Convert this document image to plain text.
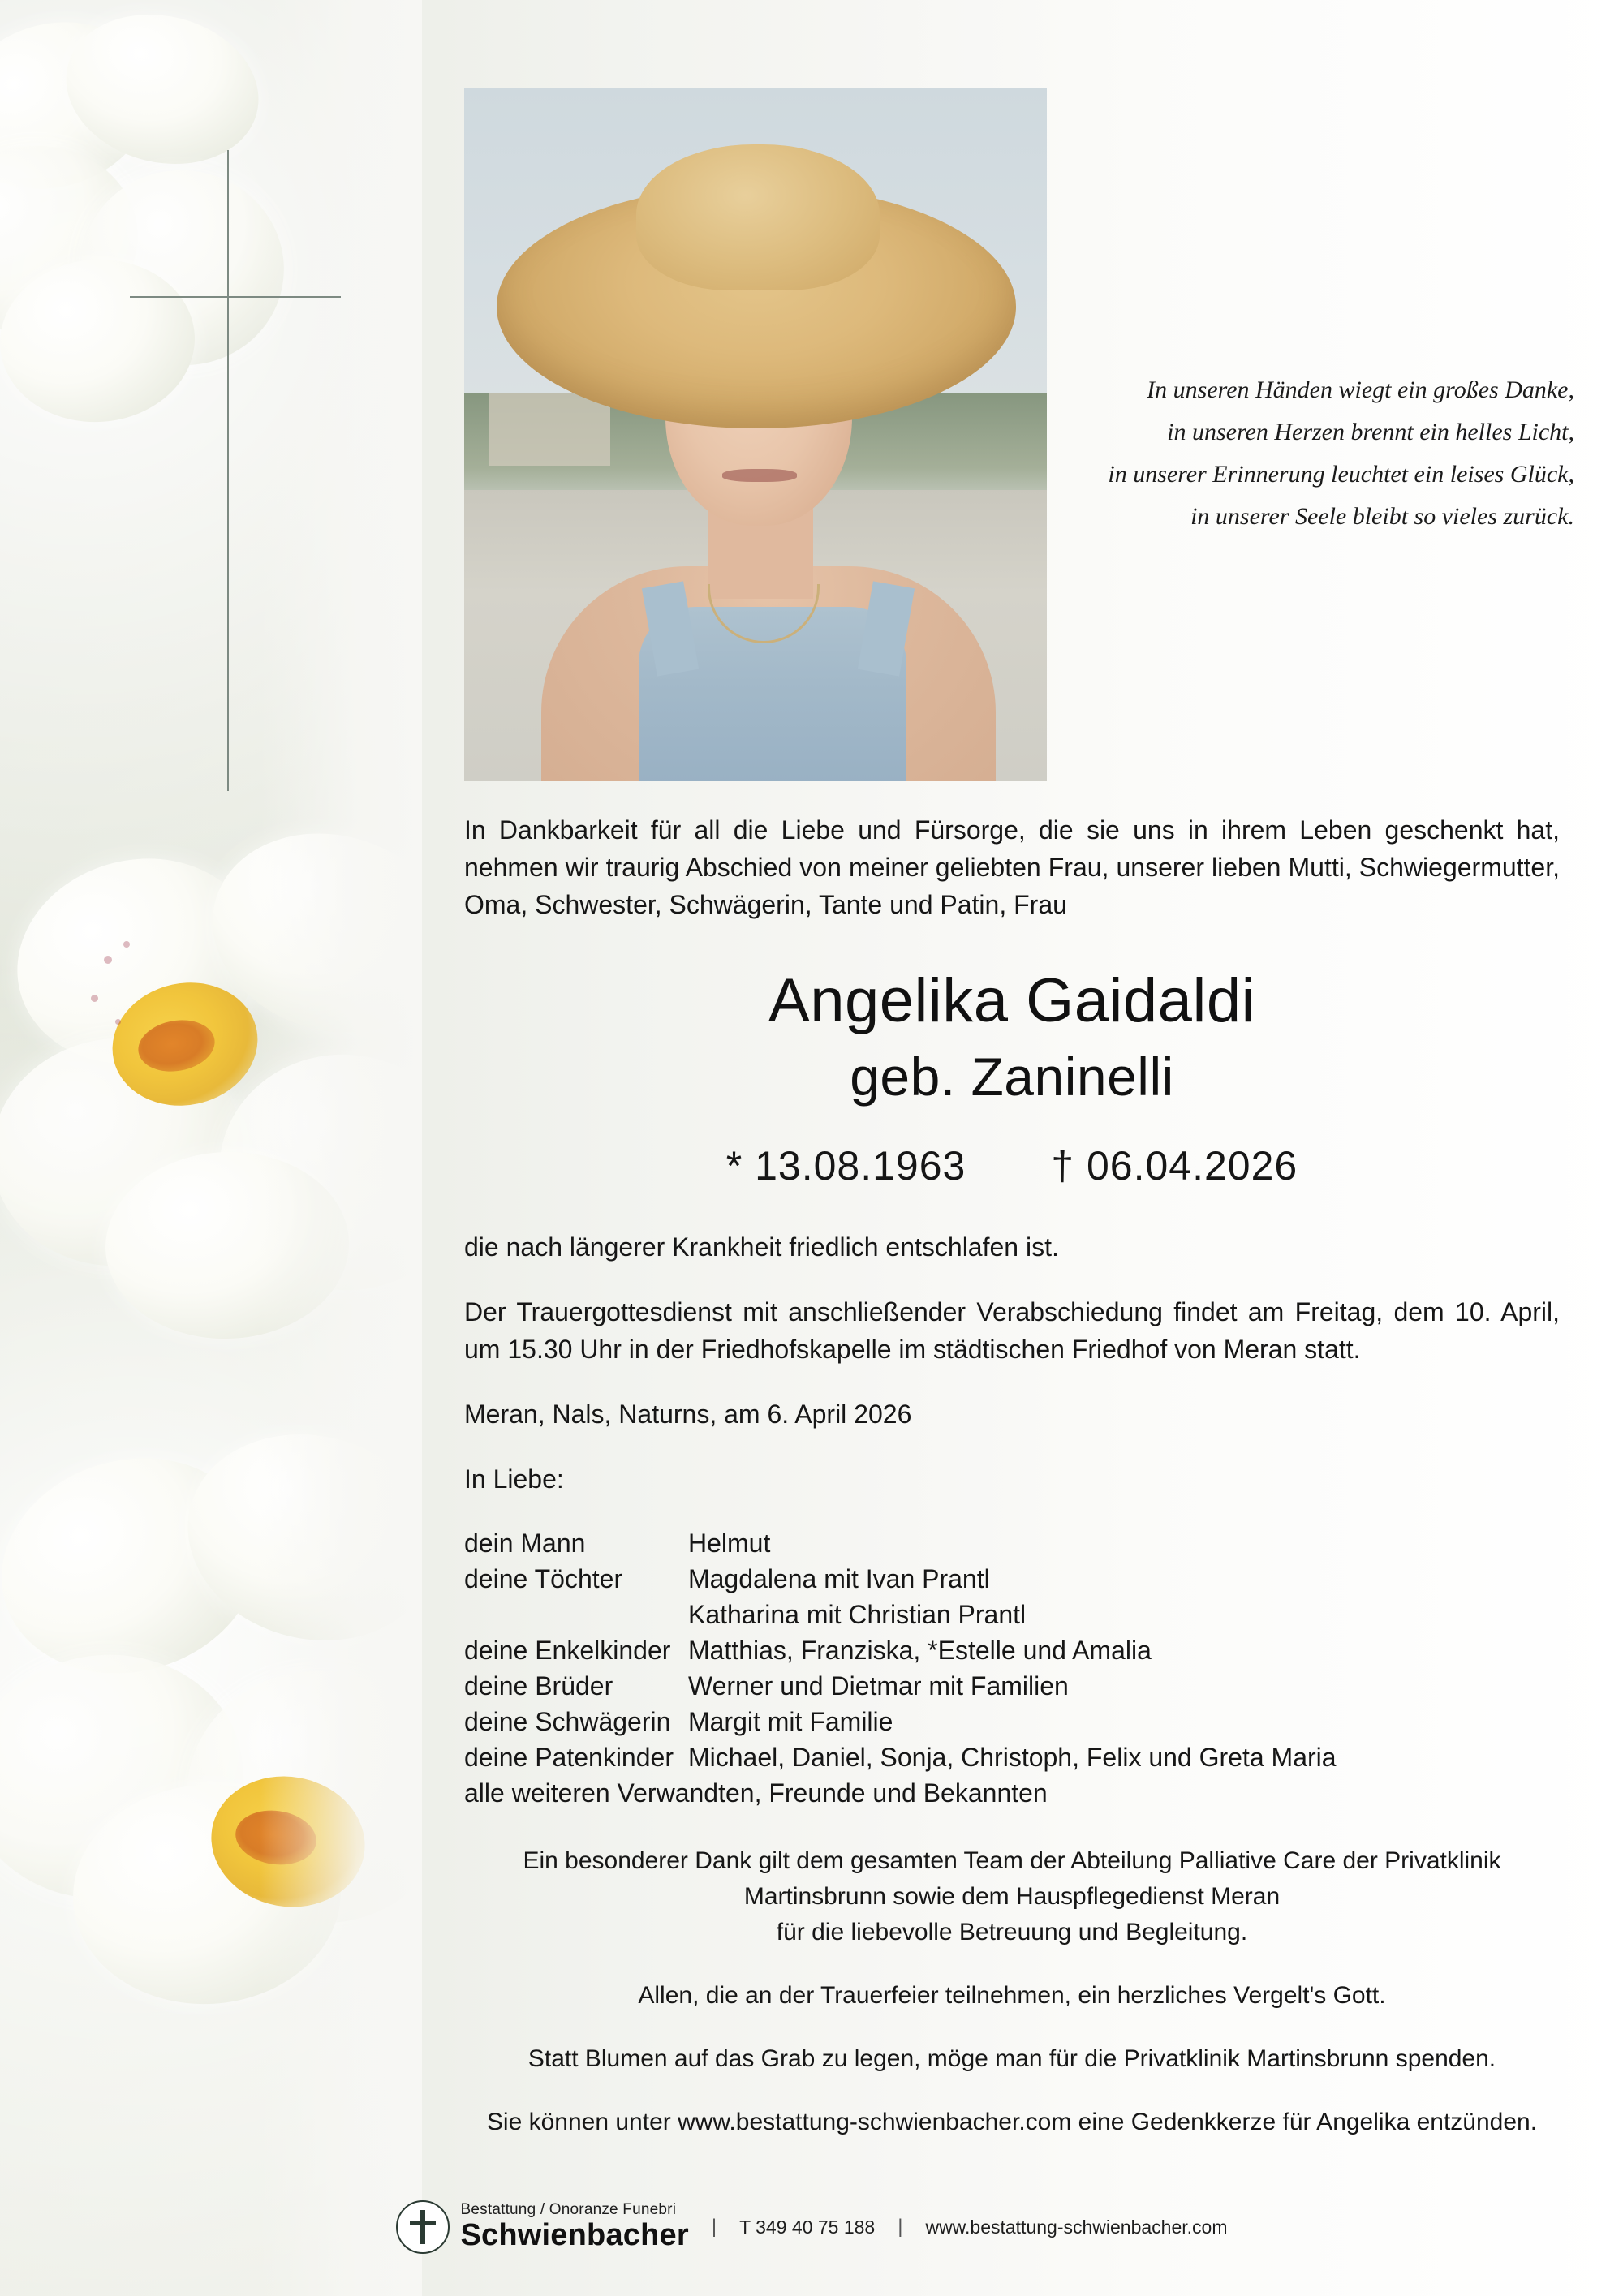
In unseren Händen wiegt ein großes Danke,
in unseren Herzen brennt ein helles Licht,
in unserer Erinnerung leuchtet ein leises Glück,
in unserer Seele bleibt so vieles zurück.

In Dankbarkeit für all die Liebe und Fürsorge, die sie uns in ihrem Leben geschenkt hat, nehmen wir traurig Abschied von meiner geliebten Frau, unserer lieben Mutti, Schwiegermutter, Oma, Schwester, Schwägerin, Tante und Patin, Frau

Angelika Gaidaldi
geb. Zaninelli
* 13.08.1963 † 06.04.2026

die nach längerer Krankheit friedlich entschlafen ist.

Der Trauergottesdienst mit anschließender Verabschiedung findet am Freitag, dem 10. April, um 15.30 Uhr in der Friedhofskapelle im städtischen Friedhof von Meran statt.

Meran, Nals, Naturns, am 6. April 2026

In Liebe:

dein Mann	Helmut
deine Töchter	Magdalena mit Ivan Prantl
	Katharina mit Christian Prantl
deine Enkelkinder	Matthias, Franziska, *Estelle und Amalia
deine Brüder	Werner und Dietmar mit Familien
deine Schwägerin	Margit mit Familie
deine Patenkinder	Michael, Daniel, Sonja, Christoph, Felix und Greta Maria
alle weiteren Verwandten, Freunde und Bekannten
Ein besonderer Dank gilt dem gesamten Team der Abteilung Palliative Care der Privatklinik
Martinsbrunn sowie dem Hauspflegedienst Meran
für die liebevolle Betreuung und Begleitung.
Allen, die an der Trauerfeier teilnehmen, ein herzliches Vergelt's Gott.
Statt Blumen auf das Grab zu legen, möge man für die Privatklinik Martinsbrunn spenden.
Sie können unter www.bestattung-schwienbacher.com eine Gedenkkerze für Angelika entzünden.
Bestattung / Onoranze Funebri
Schwienbacher | T 349 40 75 188 | www.bestattung-schwienbacher.com
